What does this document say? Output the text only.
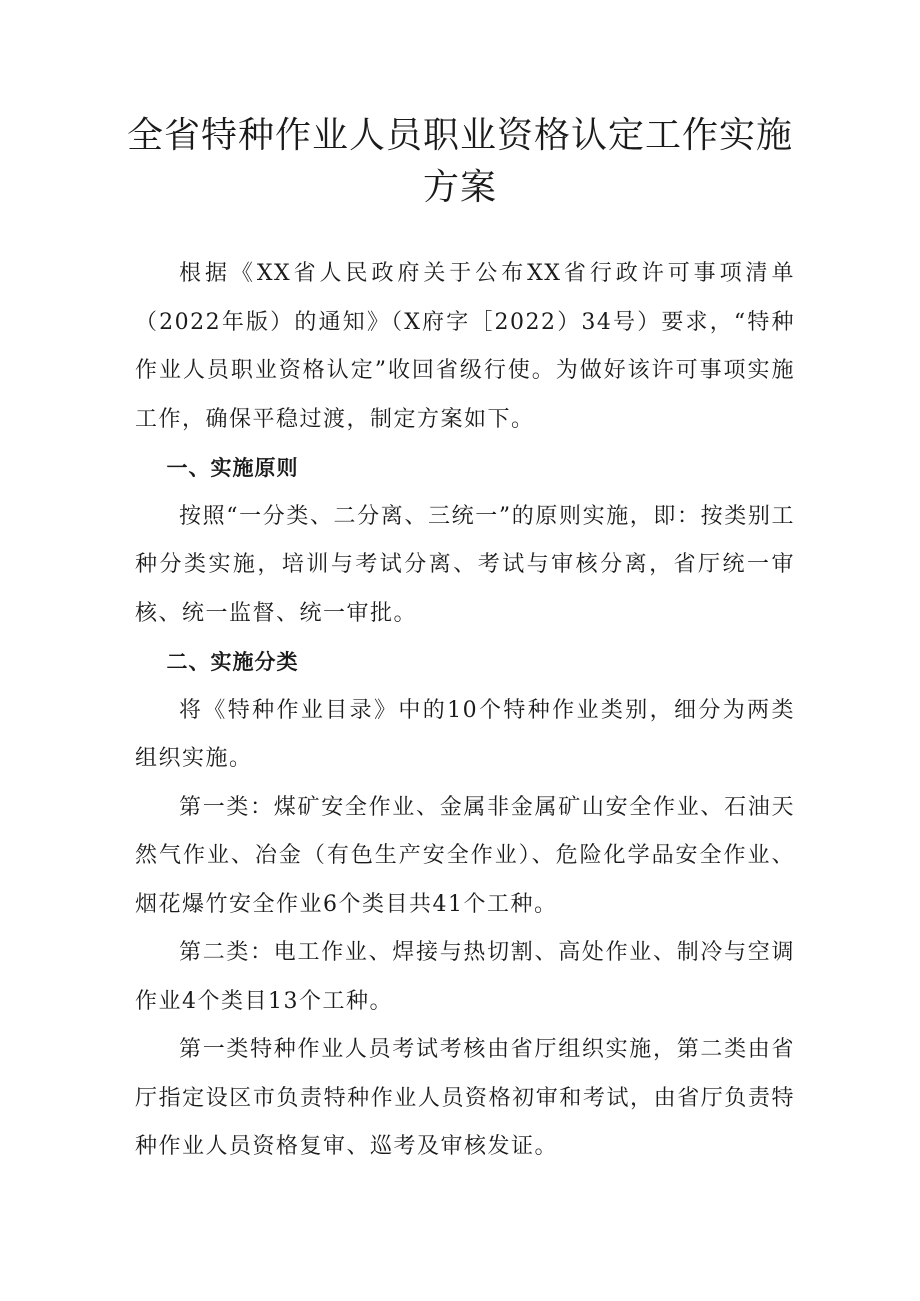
全省特种作业人员职业资格认定工作实施
方案

根据《XX省人民政府关于公布XX省行政许可事项清单（2022年版）的通知》（X府字［2022）34号）要求，“特种作业人员职业资格认定”收回省级行使。为做好该许可事项实施工作，确保平稳过渡，制定方案如下。

一、实施原则

按照“一分类、二分离、三统一”的原则实施，即：按类别工种分类实施，培训与考试分离、考试与审核分离，省厅统一审核、统一监督、统一审批。

二、实施分类

将《特种作业目录》中的10个特种作业类别，细分为两类组织实施。

第一类：煤矿安全作业、金属非金属矿山安全作业、石油天然气作业、冶金（有色生产安全作业）、危险化学品安全作业、烟花爆竹安全作业6个类目共41个工种。

第二类：电工作业、焊接与热切割、高处作业、制冷与空调作业4个类目13个工种。

第一类特种作业人员考试考核由省厅组织实施，第二类由省厅指定设区市负责特种作业人员资格初审和考试，由省厅负责特种作业人员资格复审、巡考及审核发证。
